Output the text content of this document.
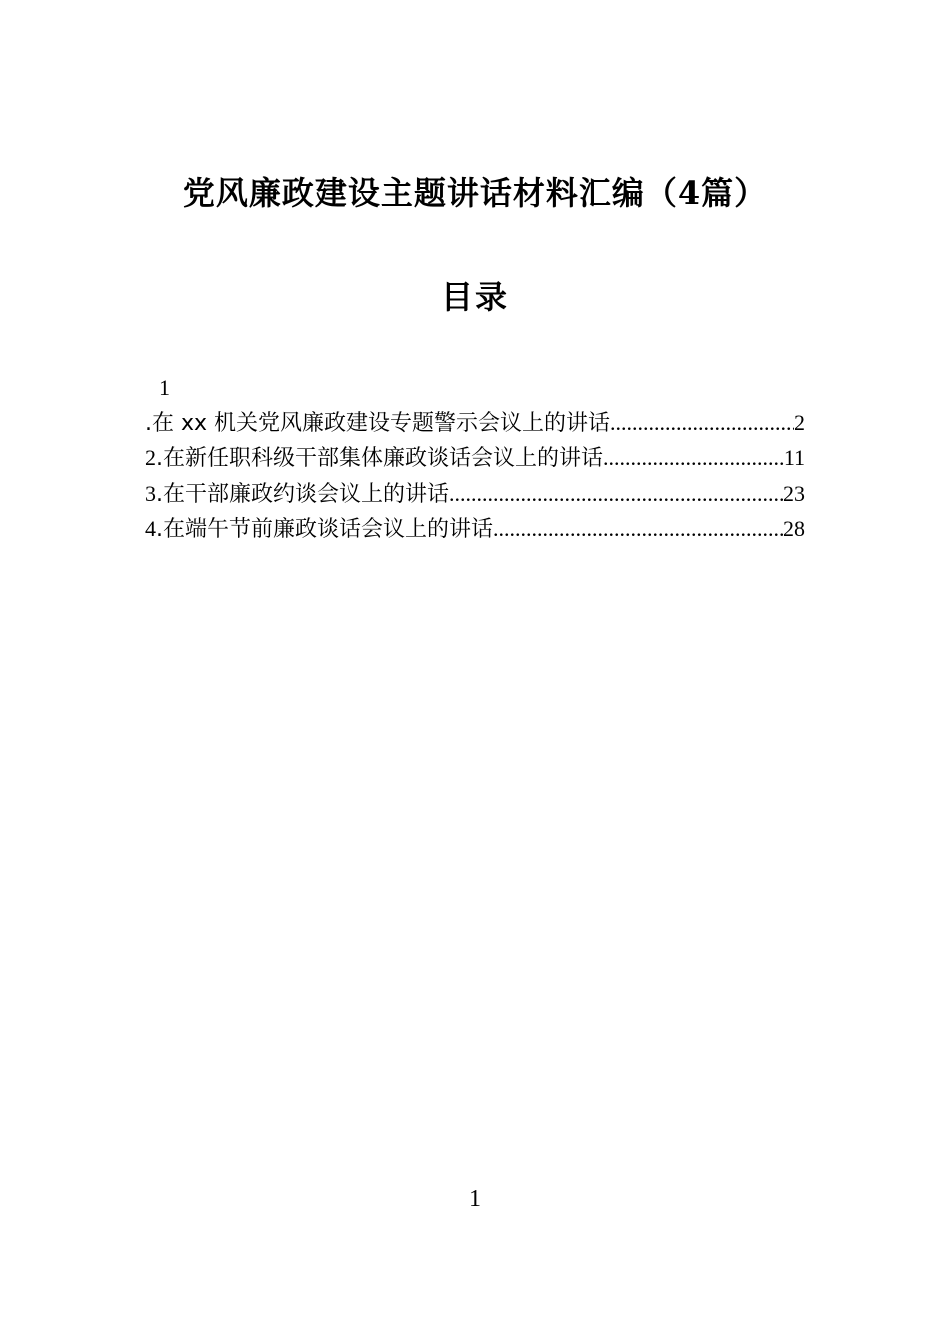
党风廉政建设主题讲话材料汇编（4篇）
目录
1
.在 xx 机关党风廉政建设专题警示会议上的讲话 .....	2
2.在新任职科级干部集体廉政谈话会议上的讲话 .....	11
3.在干部廉政约谈会议上的讲话 .....	23
4.在端午节前廉政谈话会议上的讲话 .....	28
1
